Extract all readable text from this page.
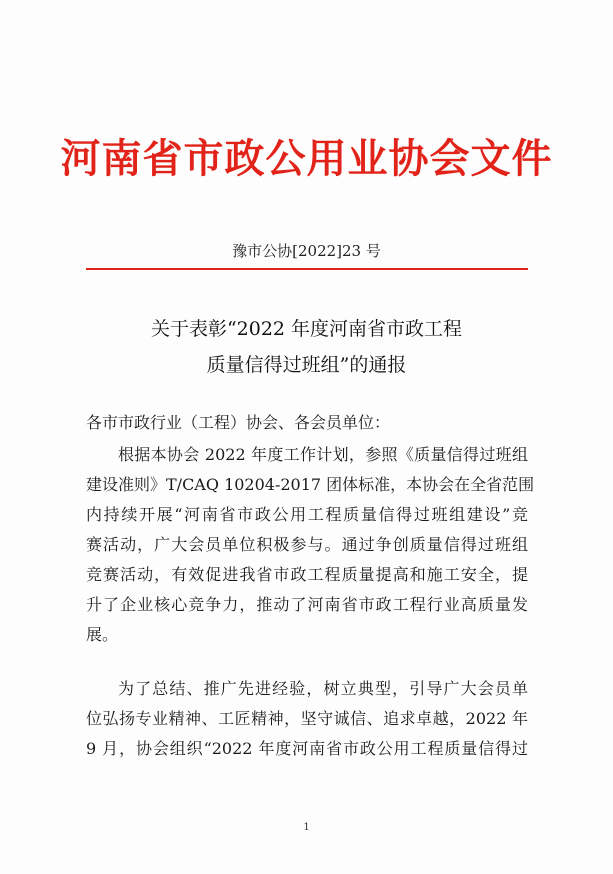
河南省市政公用业协会文件
豫市公协[2022]23 号
关于表彰“2022 年度河南省市政工程
质量信得过班组”的通报
各市市政行业（工程）协会、各会员单位：
根据本协会 2022 年度工作计划，参照《质量信得过班组
建设准则》T/CAQ 10204-2017 团体标准，本协会在全省范围
内持续开展“河南省市政公用工程质量信得过班组建设”竞
赛活动，广大会员单位积极参与。通过争创质量信得过班组
竞赛活动，有效促进我省市政工程质量提高和施工安全，提
升了企业核心竞争力，推动了河南省市政工程行业高质量发
展。
为了总结、推广先进经验，树立典型，引导广大会员单
位弘扬专业精神、工匠精神，坚守诚信、追求卓越，2022 年
9 月，协会组织“2022 年度河南省市政公用工程质量信得过
1
